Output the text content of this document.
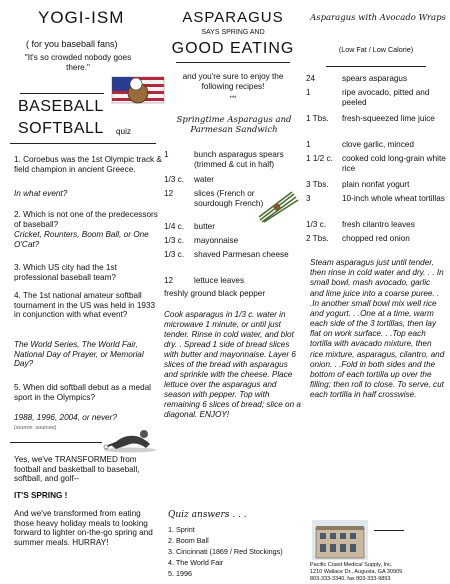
YOGI-ISM
( for you baseball fans)
"It's so crowded nobody goes there."
BASEBALL
SOFTBALL quiz
1. Coroebus was the 1st Olympic track & field champion in ancient Greece.
In what event?
2. Which is not one of the predecessors of baseball?
Cricket, Rounters, Boom Ball, or One O'Cat?
3. Which US city had the 1st professional baseball team?
4. The 1st national amateur softball tournament in the US was held in 1933 in conjunction with what event?
The World Series, The World Fair, National Day of Prayer, or Memorial Day?
5. When did softball debut as a medal sport in the Olympics?
1988, 1996, 2004, or never?
(source: sources)
Yes, we've TRANSFORMED from football and basketball to baseball, softball, and golf--
IT'S SPRING !
And we've transformed from eating those heavy holiday meals to looking forward to lighter on-the-go spring and summer meals. HURRAY!
ASPARAGUS
SAYS SPRING AND
GOOD EATING
and you're sure to enjoy the following recipes!
***
Springtime Asparagus and Parmesan Sandwich
1	bunch asparagus spears (trimmed & cut in half)
1/3 c.	water
12	slices (French or sourdough French)
1/4 c.	butter
1/3 c.	mayonnaise
1/3 c.	shaved Parmesan cheese
12	lettuce leaves
freshly ground black pepper
Cook asparagus in 1/3 c. water in microwave 1 minute, or until just tender. Rinse in cold water, and blot dry. . Spread 1 side of bread slices with butter and mayonnaise. Layer 6 slices of the bread with asparagus and sprinkle with the cheese. Place lettuce over the asparagus and season with pepper. Top with remaining 6 slices of bread; slice on a diagonal. ENJOY!
Quiz answers . . .
1. Sprint
2. Boom Ball
3. Cincinnati (1869 / Red Stockings)
4. The World Fair
5. 1996
Asparagus with Avocado Wraps
(Low Fat / Low Calorie)
24	spears asparagus
1	ripe avocado, pitted and peeled
1 Tbs.	fresh-squeezed lime juice
1	clove garlic, minced
1 1/2 c.	cooked cold long-grain white rice
3 Tbs.	plain nonfat yogurt
3	10-inch whole wheat tortillas
1/3 c.	fresh cilantro leaves
2 Tbs.	chopped red onion
Steam asparagus just until tender, then rinse in cold water and dry. . . In small bowl, mash avocado, garlic and lime juice into a coarse puree. . .In another small bowl mix well rice and yogurt. . .One at a time, warm each side of the 3 tortillas, then lay flat on work surface. . .Top each tortilla with avacado mixture, then rice mixture, asparagus, cilantro, and onion. . .Fold in both sides and the bottom of each tortilla up over the filling; then roll to close. To serve, cut each tortilla in half crosswise.
Pacific Coast Medical Supply, Inc.
1210 Wallace Dr., Augusta, GA 30909
803-333-3340, fax 803-333-9893
